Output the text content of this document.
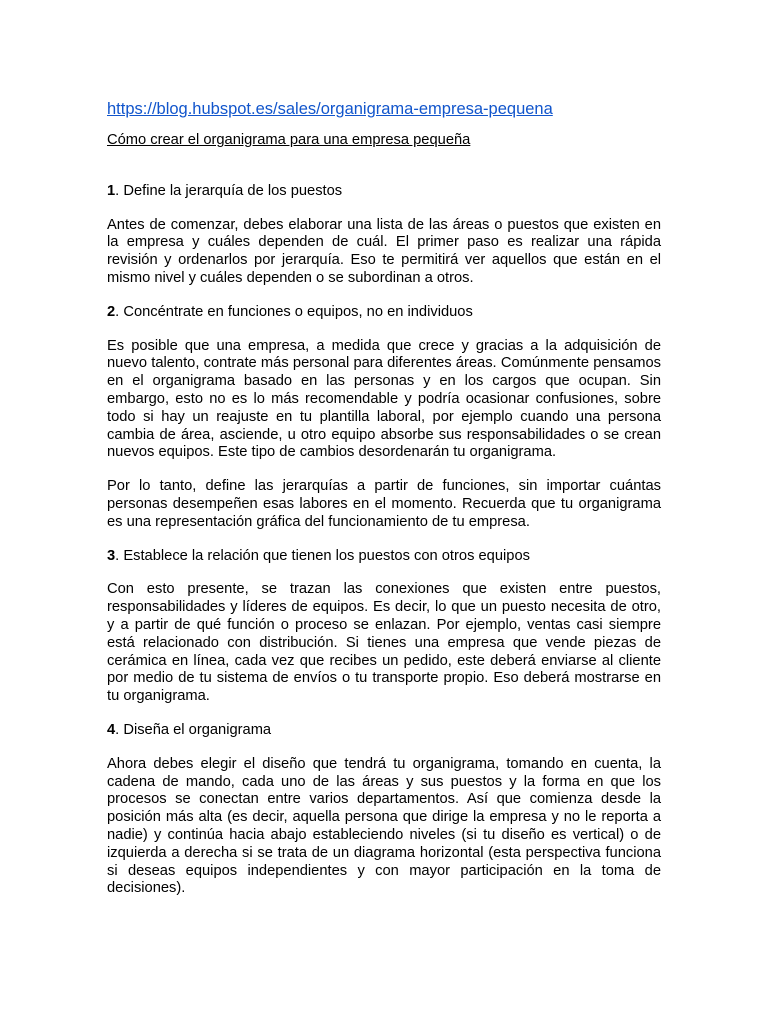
https://blog.hubspot.es/sales/organigrama-empresa-pequena
Cómo crear el organigrama para una empresa pequeña

1. Define la jerarquía de los puestos

Antes de comenzar, debes elaborar una lista de las áreas o puestos que existen en la empresa y cuáles dependen de cuál. El primer paso es realizar una rápida revisión y ordenarlos por jerarquía. Eso te permitirá ver aquellos que están en el mismo nivel y cuáles dependen o se subordinan a otros.

2. Concéntrate en funciones o equipos, no en individuos

Es posible que una empresa, a medida que crece y gracias a la adquisición de nuevo talento, contrate más personal para diferentes áreas. Comúnmente pensamos en el organigrama basado en las personas y en los cargos que ocupan. Sin embargo, esto no es lo más recomendable y podría ocasionar confusiones, sobre todo si hay un reajuste en tu plantilla laboral, por ejemplo cuando una persona cambia de área, asciende, u otro equipo absorbe sus responsabilidades o se crean nuevos equipos. Este tipo de cambios desordenarán tu organigrama.

Por lo tanto, define las jerarquías a partir de funciones, sin importar cuántas personas desempeñen esas labores en el momento. Recuerda que tu organigrama es una representación gráfica del funcionamiento de tu empresa.

3. Establece la relación que tienen los puestos con otros equipos

Con esto presente, se trazan las conexiones que existen entre puestos, responsabilidades y líderes de equipos. Es decir, lo que un puesto necesita de otro, y a partir de qué función o proceso se enlazan. Por ejemplo, ventas casi siempre está relacionado con distribución. Si tienes una empresa que vende piezas de cerámica en línea, cada vez que recibes un pedido, este deberá enviarse al cliente por medio de tu sistema de envíos o tu transporte propio. Eso deberá mostrarse en tu organigrama.

4. Diseña el organigrama

Ahora debes elegir el diseño que tendrá tu organigrama, tomando en cuenta, la cadena de mando, cada uno de las áreas y sus puestos y la forma en que los procesos se conectan entre varios departamentos. Así que comienza desde la posición más alta (es decir, aquella persona que dirige la empresa y no le reporta a nadie) y continúa hacia abajo estableciendo niveles (si tu diseño es vertical) o de izquierda a derecha si se trata de un diagrama horizontal (esta perspectiva funciona si deseas equipos independientes y con mayor participación en la toma de decisiones).
